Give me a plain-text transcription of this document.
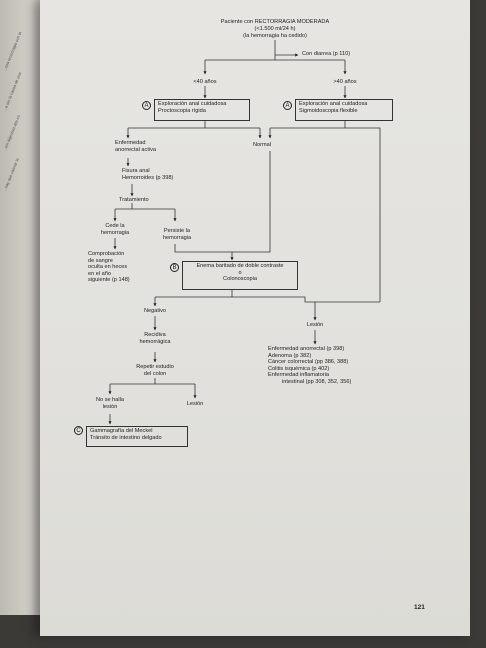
...stra rectorragia con la
...a ser la causa de una
...ión digestiva alta es
...hay que valorar la
Paciente con RECTORRAGIA MODERADA
(<1.500 ml/24 h)
(la hemorragia ha cedido)
Con diarrea (p 110)
<40 años	>40 años
A	Exploración anal cuidadosa
Proctoscopia rígida
A	Exploración anal cuidadosa
Sigmoidoscopia flexible
Enfermedad
anorrectal activa
Normal
Fisura anal
Hemorroides (p 398)
Tratamiento
Cede la
hemorragia	Persiste la
hemorragia
Comprobación
de sangre
oculta en heces
en el año
siguiente (p 148)
B	Enema baritado de doble contraste
o
Colonoscopia
Negativo
Lesión
Recidiva
hemorrágica
Enfermedad anorrectal (p 398)
Adenoma (p 382)
Cáncer colorrectal (pp 386, 388)
Colitis isquémica (p 402)
Enfermedad inflamatoria
intestinal (pp 308, 352, 356)
Repetir estudio
del colon
No se halla
lesión	Lesión
C	Gammagrafía del Meckel
Tránsito de intestino delgado
121
